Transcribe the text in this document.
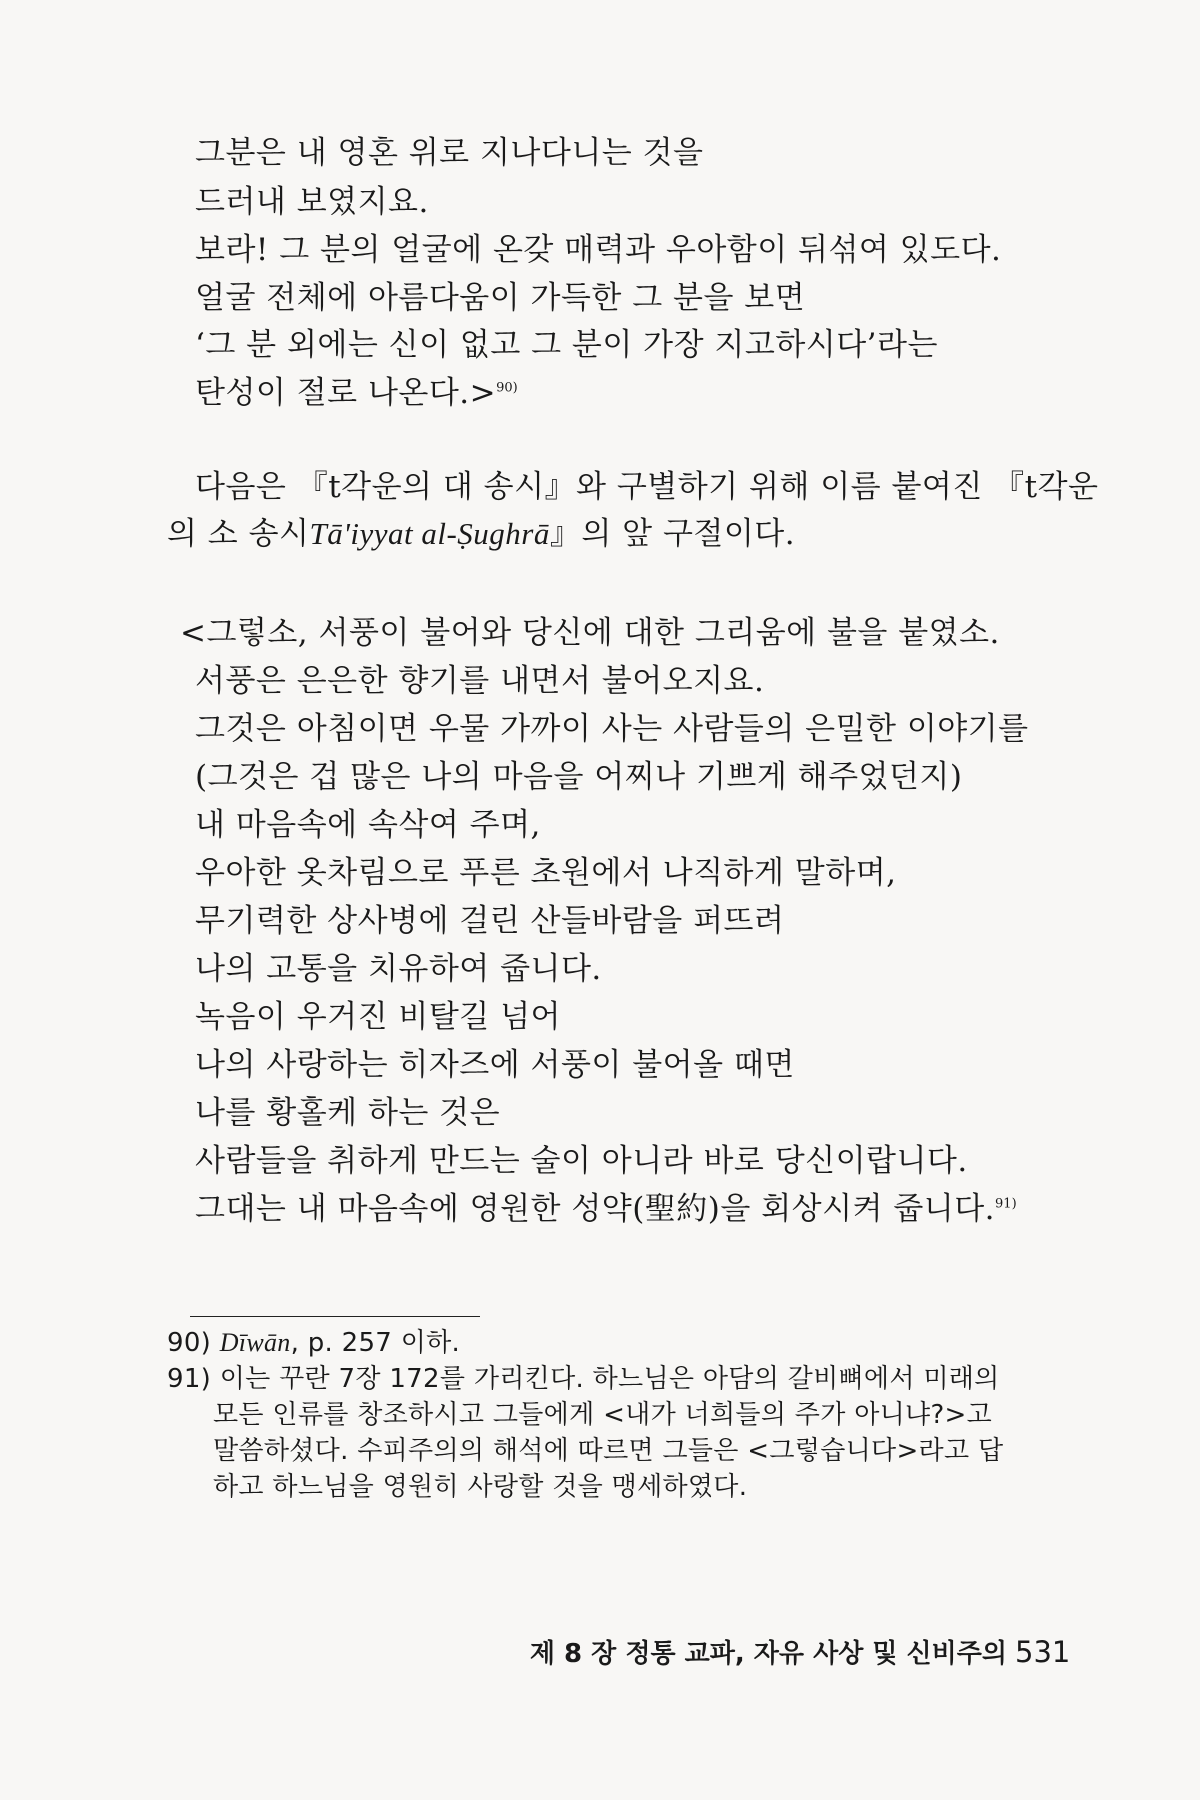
그분은 내 영혼 위로 지나다니는 것을
드러내 보였지요.
보라! 그 분의 얼굴에 온갖 매력과 우아함이 뒤섞여 있도다.
얼굴 전체에 아름다움이 가득한 그 분을 보면
‘그 분 외에는 신이 없고 그 분이 가장 지고하시다’라는
탄성이 절로 나온다.>$^{90)}$
다음은 『t각운의 대 송시』와 구별하기 위해 이름 붙여진 『t각운
의 소 송시Tā'iyyat al-Ṣughrā』의 앞 구절이다.
<그렇소, 서풍이 불어와 당신에 대한 그리움에 불을 붙였소.
서풍은 은은한 향기를 내면서 불어오지요.
그것은 아침이면 우물 가까이 사는 사람들의 은밀한 이야기를
(그것은 겁 많은 나의 마음을 어찌나 기쁘게 해주었던지)
내 마음속에 속삭여 주며,
우아한 옷차림으로 푸른 초원에서 나직하게 말하며,
무기력한 상사병에 걸린 산들바람을 퍼뜨려
나의 고통을 치유하여 줍니다.
녹음이 우거진 비탈길 넘어
나의 사랑하는 히자즈에 서풍이 불어올 때면
나를 황홀케 하는 것은
사람들을 취하게 만드는 술이 아니라 바로 당신이랍니다.
그대는 내 마음속에 영원한 성약(聖約)을 회상시켜 줍니다.$^{91)}$
90) Dīwān, p. 257 이하.
91) 이는 꾸란 7장 172를 가리킨다. 하느님은 아담의 갈비뼈에서 미래의
모든 인류를 창조하시고 그들에게 <내가 너희들의 주가 아니냐?>고
말씀하셨다. 수피주의의 해석에 따르면 그들은 <그렇습니다>라고 답
하고 하느님을 영원히 사랑할 것을 맹세하였다.
제 8 장 정통 교파, 자유 사상 및 신비주의 531
